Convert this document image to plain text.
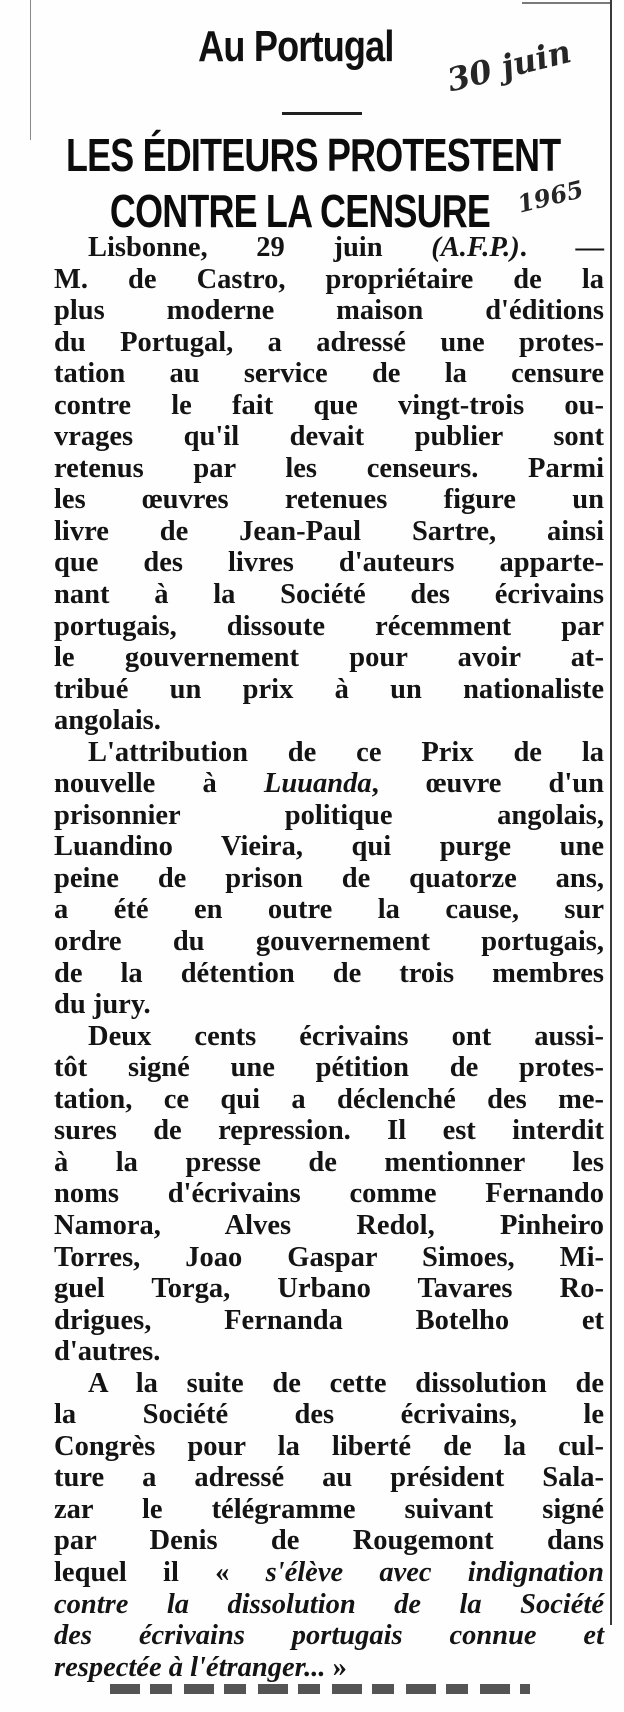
Au Portugal	30 juin
LES ÉDITEURS PROTESTENT
CONTRE LA CENSURE	1965
Lisbonne, 29 juin (A.F.P.). —
M. de Castro, propriétaire de la
plus moderne maison d'éditions
du Portugal, a adressé une protes-
tation au service de la censure
contre le fait que vingt-trois ou-
vrages qu'il devait publier sont
retenus par les censeurs. Parmi
les œuvres retenues figure un
livre de Jean-Paul Sartre, ainsi
que des livres d'auteurs apparte-
nant à la Société des écrivains
portugais, dissoute récemment par
le gouvernement pour avoir at-
tribué un prix à un nationaliste
angolais.
L'attribution de ce Prix de la
nouvelle à Luuanda, œuvre d'un
prisonnier politique angolais,
Luandino Vieira, qui purge une
peine de prison de quatorze ans,
a été en outre la cause, sur
ordre du gouvernement portugais,
de la détention de trois membres
du jury.
Deux cents écrivains ont aussi-
tôt signé une pétition de protes-
tation, ce qui a déclenché des me-
sures de repression. Il est interdit
à la presse de mentionner les
noms d'écrivains comme Fernando
Namora, Alves Redol, Pinheiro
Torres, Joao Gaspar Simoes, Mi-
guel Torga, Urbano Tavares Ro-
drigues, Fernanda Botelho et
d'autres.
A la suite de cette dissolution de
la Société des écrivains, le
Congrès pour la liberté de la cul-
ture a adressé au président Sala-
zar le télégramme suivant signé
par Denis de Rougemont dans
lequel il « s'élève avec indignation
contre la dissolution de la Société
des écrivains portugais connue et
respectée à l'étranger... »
